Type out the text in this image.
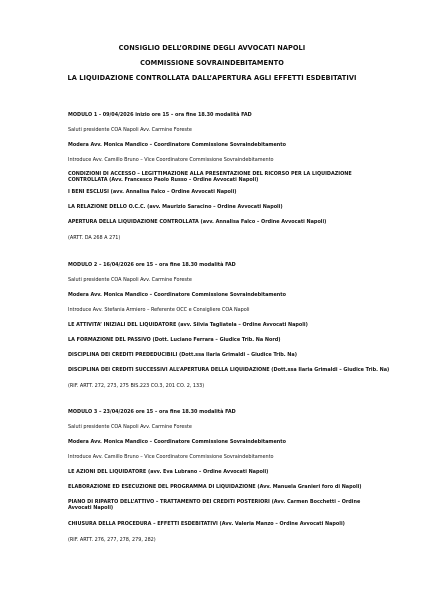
CONSIGLIO DELL’ORDINE DEGLI AVVOCATI NAPOLI
COMMISSIONE SOVRAINDEBITAMENTO
LA LIQUIDAZIONE CONTROLLATA DALL’APERTURA AGLI EFFETTI ESDEBITATIVI
MODULO 1 - 09/04/2026 inizio ore 15 – ora fine 18.30 modalità FAD
Saluti presidente COA Napoli Avv. Carmine Foreste
Modera Avv. Monica Mandico – Coordinatore Commissione Sovraindebitamento
Introduce Avv. Camillo Bruno – Vice Coordinatore Commissione Sovraindebitamento
CONDIZIONI DI ACCESSO – LEGITTIMAZIONE ALLA PRESENTAZIONE DEL RICORSO PER LA LIQUIDAZIONE CONTROLLATA (Avv. Francesco Paolo Russo – Ordine Avvocati Napoli)
I BENI ESCLUSI (avv. Annalisa Falco – Ordine Avvocati Napoli)
LA RELAZIONE DELLO O.C.C. (avv. Maurizio Saracino – Ordine Avvocati Napoli)
APERTURA DELLA LIQUIDAZIONE CONTROLLATA (avv. Annalisa Falco – Ordine Avvocati Napoli)
(ARTT. DA 268 A 271)
MODULO 2 – 16/04/2026 ore 15 – ora fine 18.30 modalità FAD
Saluti presidente COA Napoli Avv. Carmine Foreste
Modera Avv. Monica Mandico – Coordinatore Commissione Sovraindebitamento
Introduce Avv. Stefania Armiero – Referente OCC e Consigliere COA Napoli
LE ATTIVITA’ INIZIALI DEL LIQUIDATORE (avv. Silvia Tagliatela – Ordine Avvocati Napoli)
LA FORMAZIONE DEL PASSIVO (Dott. Luciano Ferrara – Giudice Trib. Na Nord)
DISCIPLINA DEI CREDITI PREDEDUCIBILI (Dott.ssa Ilaria Grimaldi – Giudice Trib. Na)
DISCIPLINA DEI CREDITI SUCCESSIVI ALL’APERTURA DELLA LIQUIDAZIONE (Dott.ssa Ilaria Grimaldi – Giudice Trib. Na)
(RIF. ARTT. 272, 273, 275 BIS.223 CO.3, 201 CO. 2, 133)
MODULO 3 – 23/04/2026 ore 15 – ora fine 18.30 modalità FAD
Saluti presidente COA Napoli Avv. Carmine Foreste
Modera Avv. Monica Mandico – Coordinatore Commissione Sovraindebitamento
Introduce Avv. Camillo Bruno – Vice Coordinatore Commissione Sovraindebitamento
LE AZIONI DEL LIQUIDATORE (avv. Eva Lubrano – Ordine Avvocati Napoli)
ELABORAZIONE ED ESECUZIONE DEL PROGRAMMA DI LIQUIDAZIONE (Avv. Manuela Granieri foro di Napoli)
PIANO DI RIPARTO DELL’ATTIVO – TRATTAMENTO DEI CREDITI POSTERIORI (Avv. Carmen Bocchetti – Ordine Avvocati Napoli)
CHIUSURA DELLA PROCEDURA – EFFETTI ESDEBITATIVI (Avv. Valeria Manzo – Ordine Avvocati Napoli)
(RIF. ARTT. 276, 277, 278, 279, 282)
